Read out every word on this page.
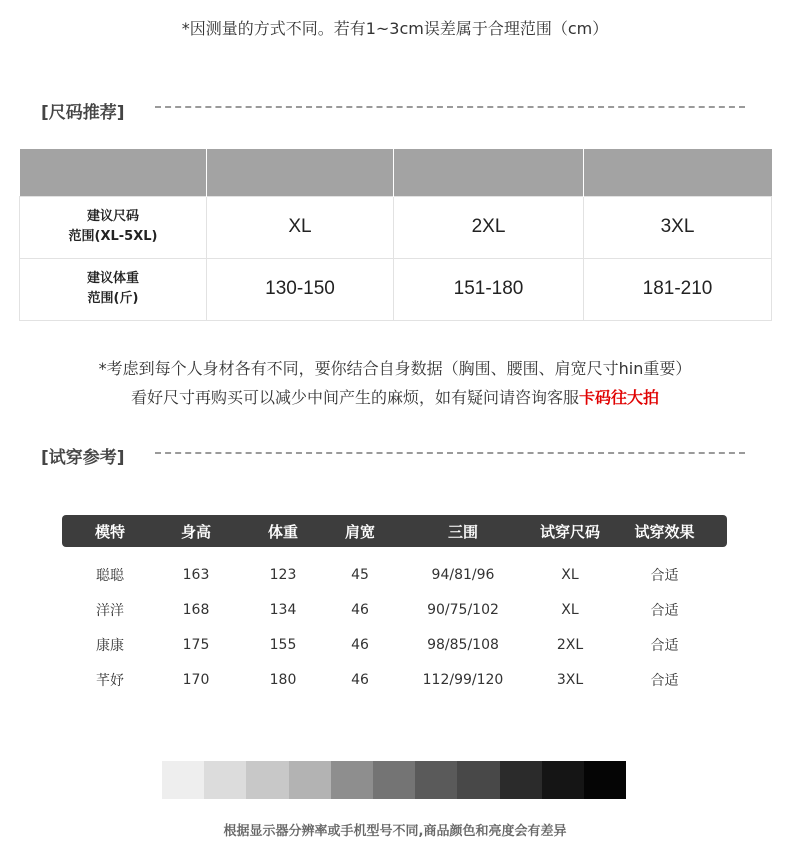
*因测量的方式不同。若有1~3cm误差属于合理范围（cm）
[尺码推荐]

建议尺码
范围(XL-5XL)	XL	2XL	3XL

建议体重
范围(斤)	130-150	151-180	181-210
*考虑到每个人身材各有不同，要你结合自身数据（胸围、腰围、肩宽尺寸hin重要）
看好尺寸再购买可以减少中间产生的麻烦，如有疑问请咨询客服卡码往大拍
[试穿参考]
模特	身高	体重	肩宽	三围	试穿尺码	试穿效果
聪聪	163	123	45	94/81/96	XL	合适
洋洋	168	134	46	90/75/102	XL	合适
康康	175	155	46	98/85/108	2XL	合适
芊妤	170	180	46	112/99/120	3XL	合适
根据显示器分辨率或手机型号不同,商品颜色和亮度会有差异
